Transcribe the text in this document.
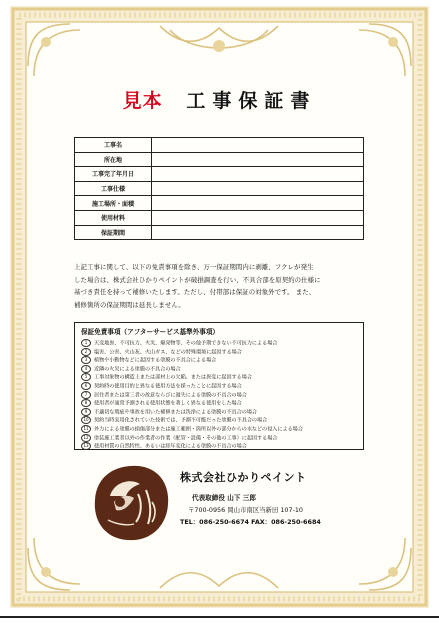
見本 工事保証書
工事名	
所在地	
工事完了年月日	
工事仕様	
施工場所・面積	
使用材料	
保証期間	

上記工事に関して、以下の免責事項を除き、万一保証期間内に剥離、フクレが発生

した場合は、株式会社ひかりペイントが破損調査を行い、不具合部を原契約の仕様に

基づき責任を持って補修いたします。ただし、付帯部は保証の対象外です。 また、

補修箇所の保証期間は延長しません。

保証免責事項（アフターサービス基準外事項）
1 天変地異、不可抗力、火災、爆発物等、その他予期できない不可抗力による場合
2 塩害、公害、火山灰、火山ガス、などの特殊環境に起因する場合
3 植物や小動物などに起因する塗膜の不具合による場合
4 近隣の火災による塗膜の不具合の場合
5 工事対象物の構造上または部材上の欠陥、または異変に起因する場合
6 契約時の使用目的と異なる使用方法を採ったことに起因する場合
7 居住者または第三者の故意ならびに過失による塗膜の不具合の場合
8 使用者が通常予測される使用状態を著しく異なる使用をした場合
9 不適切な瑕疵や事故を用いた補修または洗浄による塗膜の不具合の場合
10 契約当時実用化されていた技術では、予測不可能だった塗膜の不具合の場合
11 外力による塗膜の損傷部分または施工範囲・箇所以外の部分からの水などの侵入による場合
12 塗装施工業者以外の作業者の作業（配管・設備・その他の工事）に起因する場合
13 使用材質の自然特性、あるいは経年変化による塗膜の不具合の場合
株式会社ひかりペイント
代表取締役 山下 三郎
〒700-0956 岡山市南区当新田 107-10
TEL：086-250-6674 FAX：086-250-6684
